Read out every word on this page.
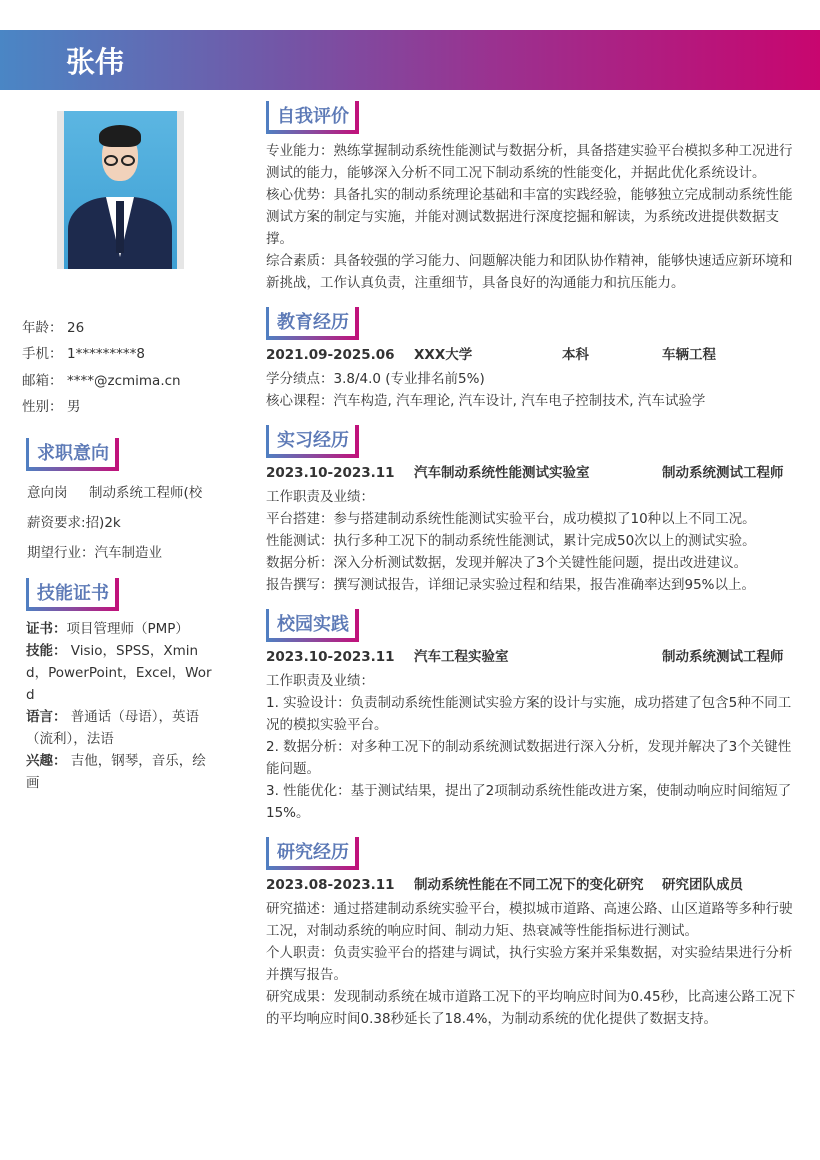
张伟
年龄： 26
手机： 1*********8
邮箱： ****@zcmima.cn
性别： 男
求职意向
意向岗 制动系统工程师(校
薪资要求:招)2k
期望行业：汽车制造业
技能证书
证书：项目管理师（PMP）
技能： Visio，SPSS，Xmind，PowerPoint，Excel，Word
语言： 普通话（母语），英语（流利），法语
兴趣： 吉他，钢琴，音乐，绘画
自我评价
专业能力：熟练掌握制动系统性能测试与数据分析，具备搭建实验平台模拟多种工况进行测试的能力，能够深入分析不同工况下制动系统的性能变化，并据此优化系统设计。
核心优势：具备扎实的制动系统理论基础和丰富的实践经验，能够独立完成制动系统性能测试方案的制定与实施，并能对测试数据进行深度挖掘和解读，为系统改进提供数据支撑。
综合素质：具备较强的学习能力、问题解决能力和团队协作精神，能够快速适应新环境和新挑战，工作认真负责，注重细节，具备良好的沟通能力和抗压能力。
教育经历
2021.09-2025.06 XXX大学	本科	车辆工程
学分绩点：3.8/4.0 (专业排名前5%)
核心课程：汽车构造, 汽车理论, 汽车设计, 汽车电子控制技术, 汽车试验学
实习经历
2023.10-2023.11 汽车制动系统性能测试实验室	制动系统测试工程师
工作职责及业绩：
平台搭建：参与搭建制动系统性能测试实验平台，成功模拟了10种以上不同工况。
性能测试：执行多种工况下的制动系统性能测试，累计完成50次以上的测试实验。
数据分析：深入分析测试数据，发现并解决了3个关键性能问题，提出改进建议。
报告撰写：撰写测试报告，详细记录实验过程和结果，报告准确率达到95%以上。
校园实践
2023.10-2023.11 汽车工程实验室	制动系统测试工程师
工作职责及业绩：
1. 实验设计：负责制动系统性能测试实验方案的设计与实施，成功搭建了包含5种不同工况的模拟实验平台。
2. 数据分析：对多种工况下的制动系统测试数据进行深入分析，发现并解决了3个关键性能问题。
3. 性能优化：基于测试结果，提出了2项制动系统性能改进方案，使制动响应时间缩短了15%。
研究经历
2023.08-2023.11 制动系统性能在不同工况下的变化研究 研究团队成员
研究描述：通过搭建制动系统实验平台，模拟城市道路、高速公路、山区道路等多种行驶工况，对制动系统的响应时间、制动力矩、热衰减等性能指标进行测试。
个人职责：负责实验平台的搭建与调试，执行实验方案并采集数据，对实验结果进行分析并撰写报告。
研究成果：发现制动系统在城市道路工况下的平均响应时间为0.45秒，比高速公路工况下的平均响应时间0.38秒延长了18.4%，为制动系统的优化提供了数据支持。
